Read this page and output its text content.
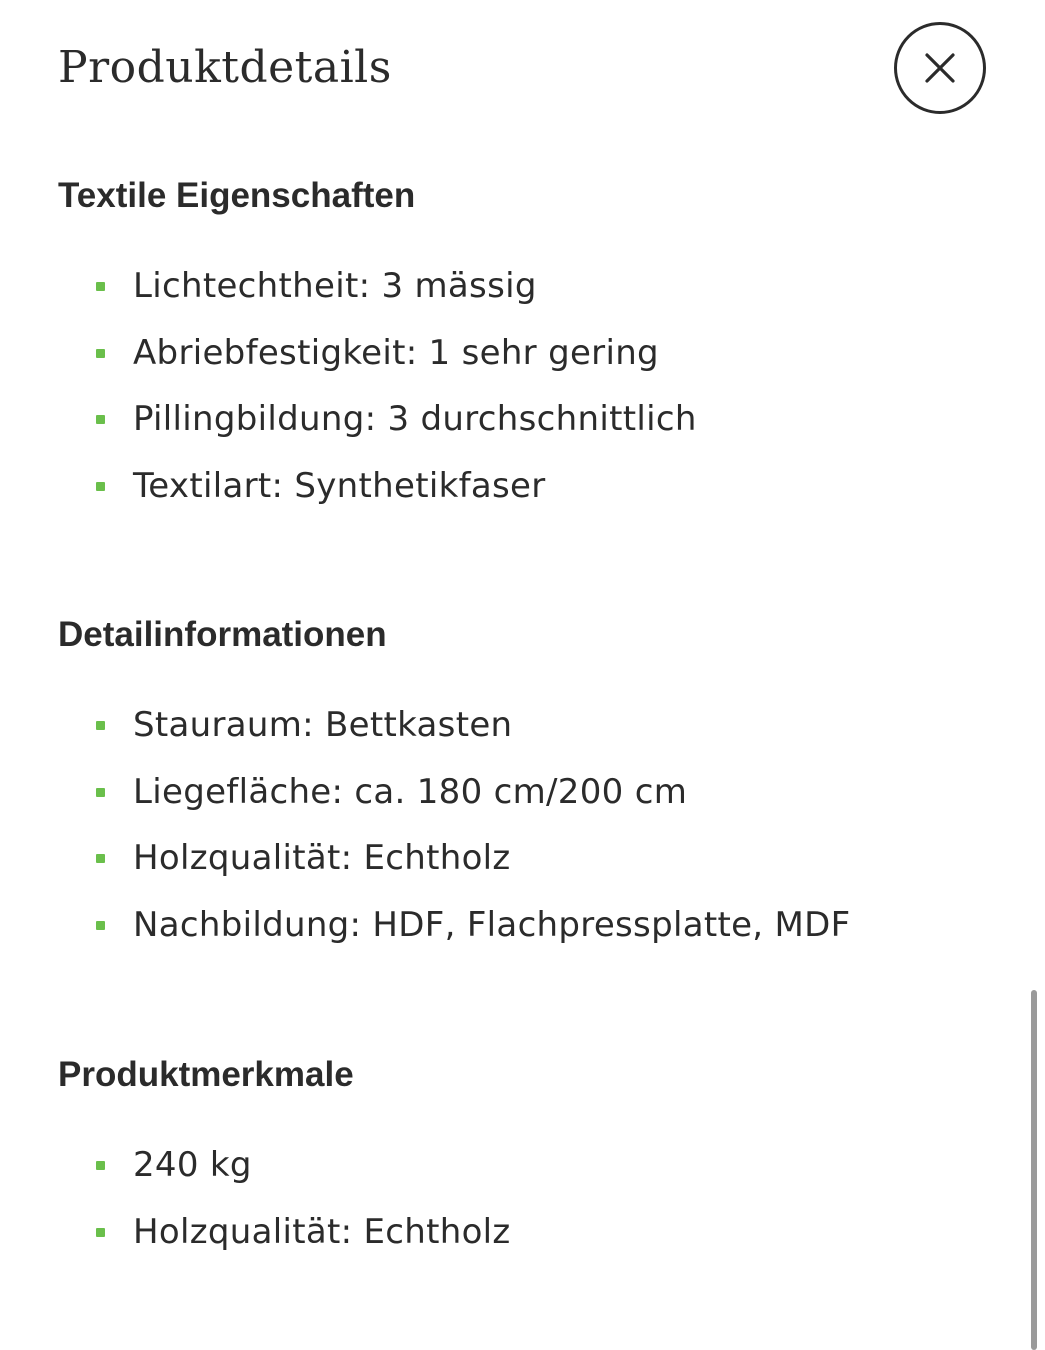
Produktdetails
Textile Eigenschaften
Lichtechtheit: 3 mässig
Abriebfestigkeit: 1 sehr gering
Pillingbildung: 3 durchschnittlich
Textilart: Synthetikfaser
Detailinformationen
Stauraum: Bettkasten
Liegefläche: ca. 180 cm/200 cm
Holzqualität: Echtholz
Nachbildung: HDF, Flachpressplatte, MDF
Produktmerkmale
240 kg
Holzqualität: Echtholz
